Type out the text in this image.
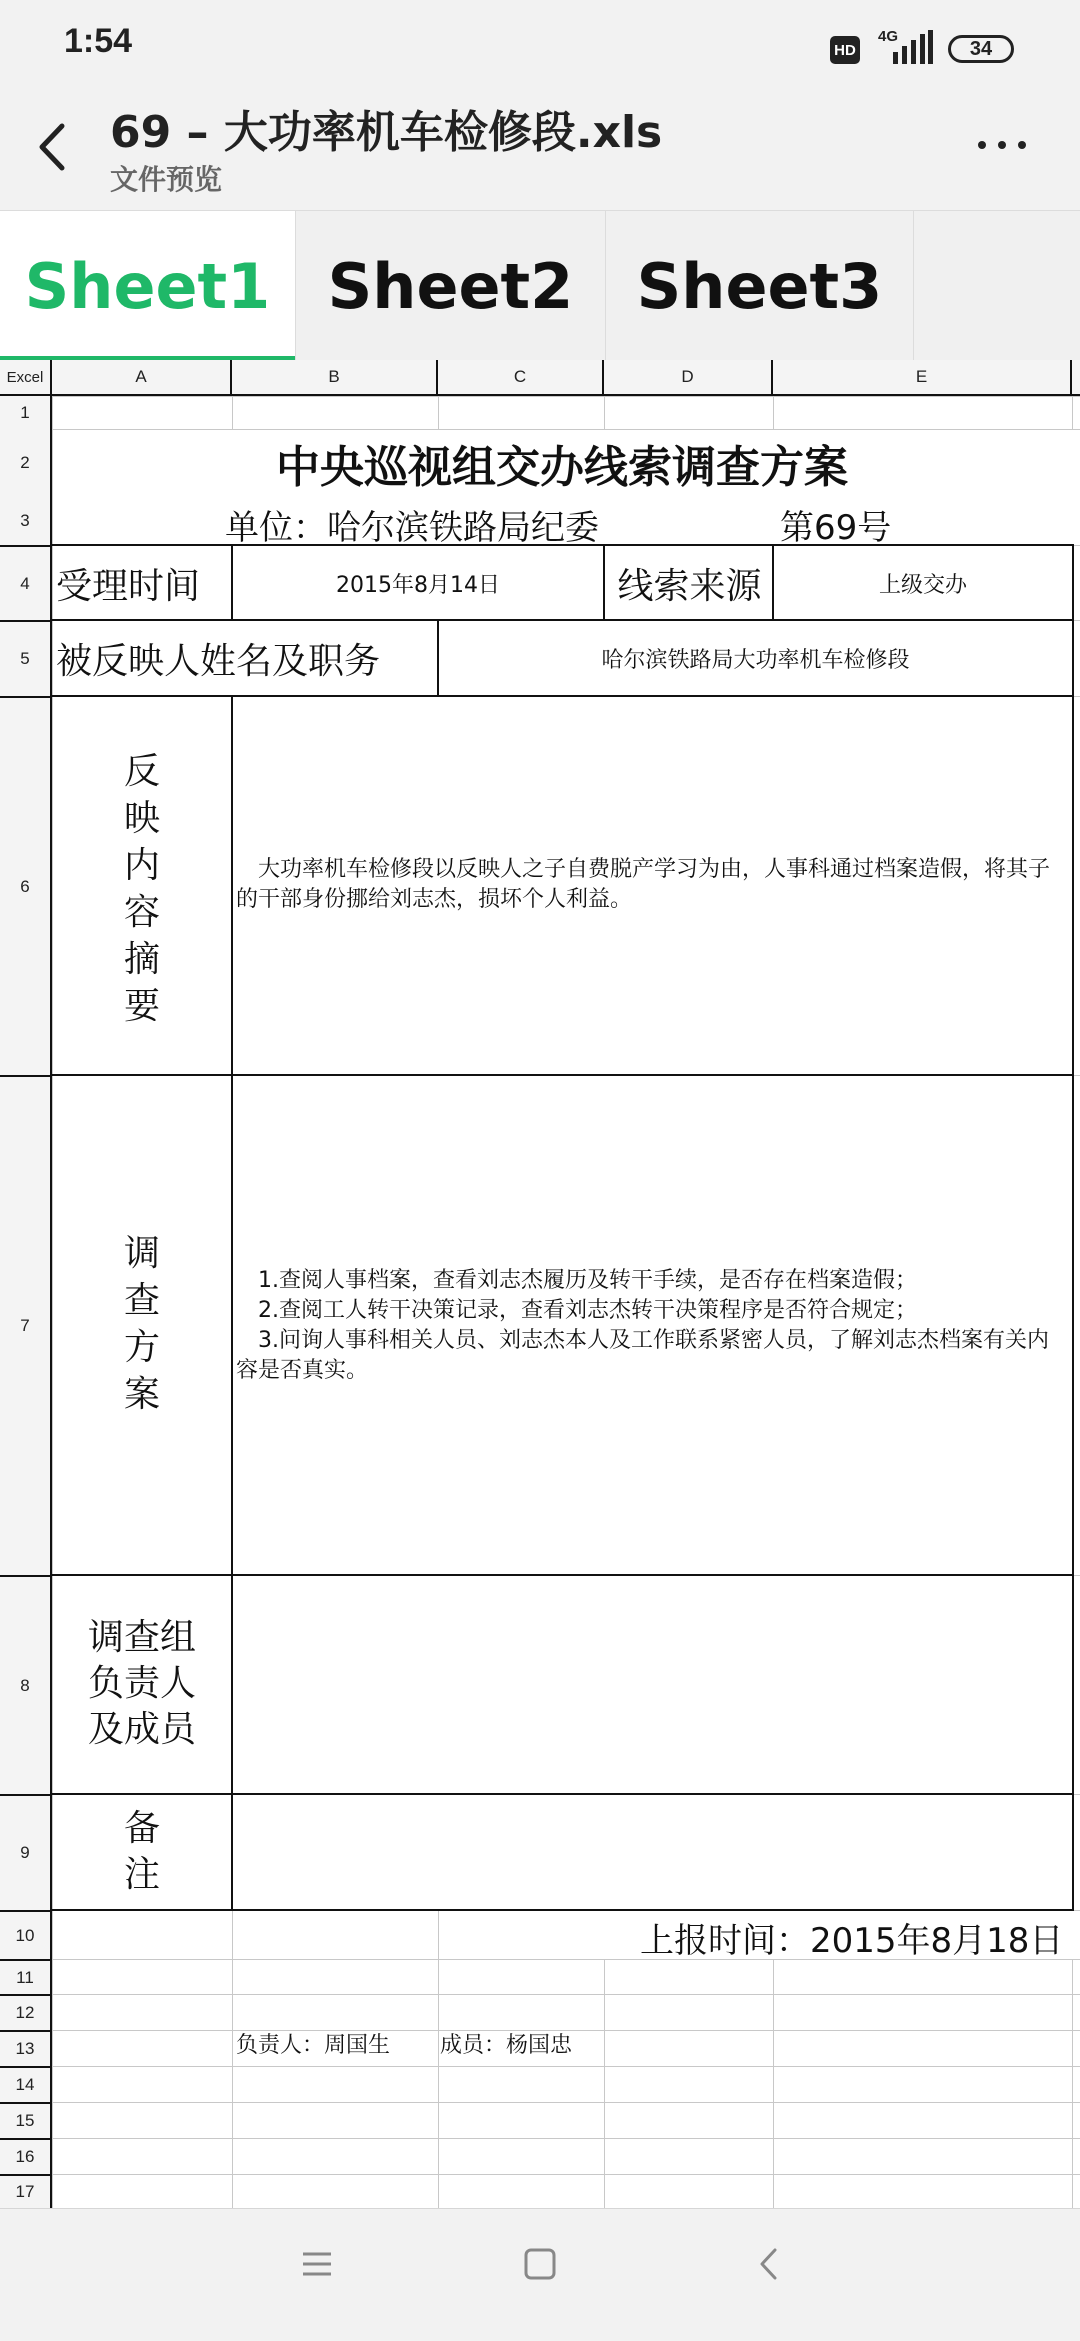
1:54	HD
4G
34
69 – 大功率机车检修段.xls
文件预览
Sheet1 Sheet2	Sheet3
Excel	A	B	C	D	E
1
2
3
4
5
6
7
8
9
10
11
12
13
14
15
16
17
中央巡视组交办线索调查方案
单位：哈尔滨铁路局纪委	第69号
受理时间	2015年8月14日	线索来源	上级交办
被反映人姓名及职务	哈尔滨铁路局大功率机车检修段
反
映
内
容
摘
要
大功率机车检修段以反映人之子自费脱产学习为由，人事科通过档案造假，将其子的干部身份挪给刘志杰，损坏个人利益。
调
查
方
案
1.查阅人事档案，查看刘志杰履历及转干手续，是否存在档案造假；
2.查阅工人转干决策记录，查看刘志杰转干决策程序是否符合规定；
3.问询人事科相关人员、刘志杰本人及工作联系紧密人员，了解刘志杰档案有关内容是否真实。
调查组
负责人
及成员
负责人：周国生 成员：杨国忠
备
注
上报时间：2015年8月18日
